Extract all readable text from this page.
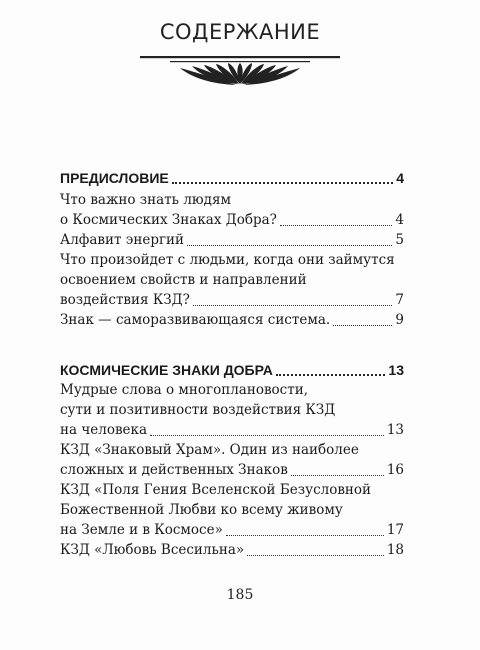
СОДЕРЖАНИЕ
ПРЕДИСЛОВИЕ	4
Что важно знать людям
о Космических Знаках Добра?	4
Алфавит энергий	5
Что произойдет с людьми, когда они займутся
освоением свойств и направлений
воздействия КЗД?	7
Знак — саморазвивающаяся система.	9
КОСМИЧЕСКИЕ ЗНАКИ ДОБРА	13
Мудрые слова о многоплановости,
сути и позитивности воздействия КЗД
на человека	13
КЗД «Знаковый Храм». Один из наиболее
сложных и действенных Знаков	16
КЗД «Поля Гения Вселенской Безусловной
Божественной Любви ко всему живому
на Земле и в Космосе»	17
КЗД «Любовь Всесильна»	18
185
